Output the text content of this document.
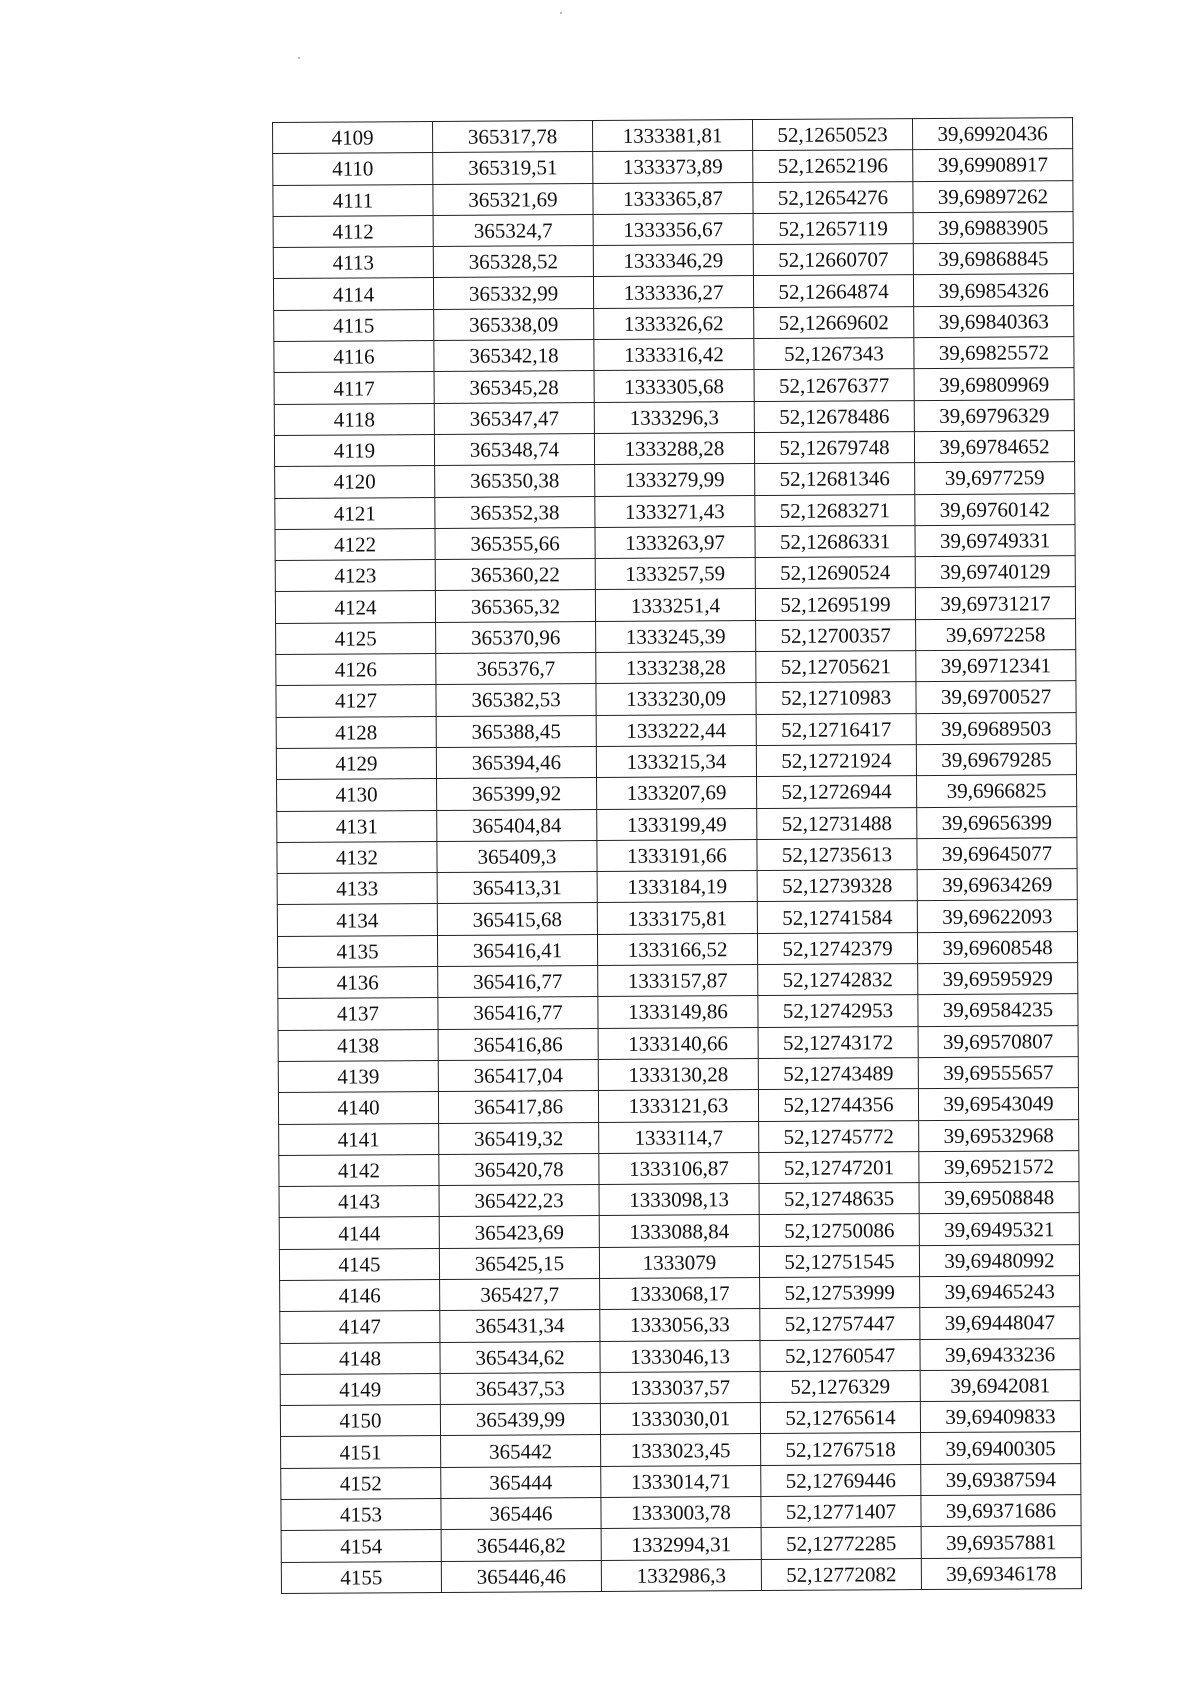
4109	365317,78	1333381,81	52,12650523	39,69920436
4110	365319,51	1333373,89	52,12652196	39,69908917
4111	365321,69	1333365,87	52,12654276	39,69897262
4112	365324,7	1333356,67	52,12657119	39,69883905
4113	365328,52	1333346,29	52,12660707	39,69868845
4114	365332,99	1333336,27	52,12664874	39,69854326
4115	365338,09	1333326,62	52,12669602	39,69840363
4116	365342,18	1333316,42	52,1267343	39,69825572
4117	365345,28	1333305,68	52,12676377	39,69809969
4118	365347,47	1333296,3	52,12678486	39,69796329
4119	365348,74	1333288,28	52,12679748	39,69784652
4120	365350,38	1333279,99	52,12681346	39,6977259
4121	365352,38	1333271,43	52,12683271	39,69760142
4122	365355,66	1333263,97	52,12686331	39,69749331
4123	365360,22	1333257,59	52,12690524	39,69740129
4124	365365,32	1333251,4	52,12695199	39,69731217
4125	365370,96	1333245,39	52,12700357	39,6972258
4126	365376,7	1333238,28	52,12705621	39,69712341
4127	365382,53	1333230,09	52,12710983	39,69700527
4128	365388,45	1333222,44	52,12716417	39,69689503
4129	365394,46	1333215,34	52,12721924	39,69679285
4130	365399,92	1333207,69	52,12726944	39,6966825
4131	365404,84	1333199,49	52,12731488	39,69656399
4132	365409,3	1333191,66	52,12735613	39,69645077
4133	365413,31	1333184,19	52,12739328	39,69634269
4134	365415,68	1333175,81	52,12741584	39,69622093
4135	365416,41	1333166,52	52,12742379	39,69608548
4136	365416,77	1333157,87	52,12742832	39,69595929
4137	365416,77	1333149,86	52,12742953	39,69584235
4138	365416,86	1333140,66	52,12743172	39,69570807
4139	365417,04	1333130,28	52,12743489	39,69555657
4140	365417,86	1333121,63	52,12744356	39,69543049
4141	365419,32	1333114,7	52,12745772	39,69532968
4142	365420,78	1333106,87	52,12747201	39,69521572
4143	365422,23	1333098,13	52,12748635	39,69508848
4144	365423,69	1333088,84	52,12750086	39,69495321
4145	365425,15	1333079	52,12751545	39,69480992
4146	365427,7	1333068,17	52,12753999	39,69465243
4147	365431,34	1333056,33	52,12757447	39,69448047
4148	365434,62	1333046,13	52,12760547	39,69433236
4149	365437,53	1333037,57	52,1276329	39,6942081
4150	365439,99	1333030,01	52,12765614	39,69409833
4151	365442	1333023,45	52,12767518	39,69400305
4152	365444	1333014,71	52,12769446	39,69387594
4153	365446	1333003,78	52,12771407	39,69371686
4154	365446,82	1332994,31	52,12772285	39,69357881
4155	365446,46	1332986,3	52,12772082	39,69346178
